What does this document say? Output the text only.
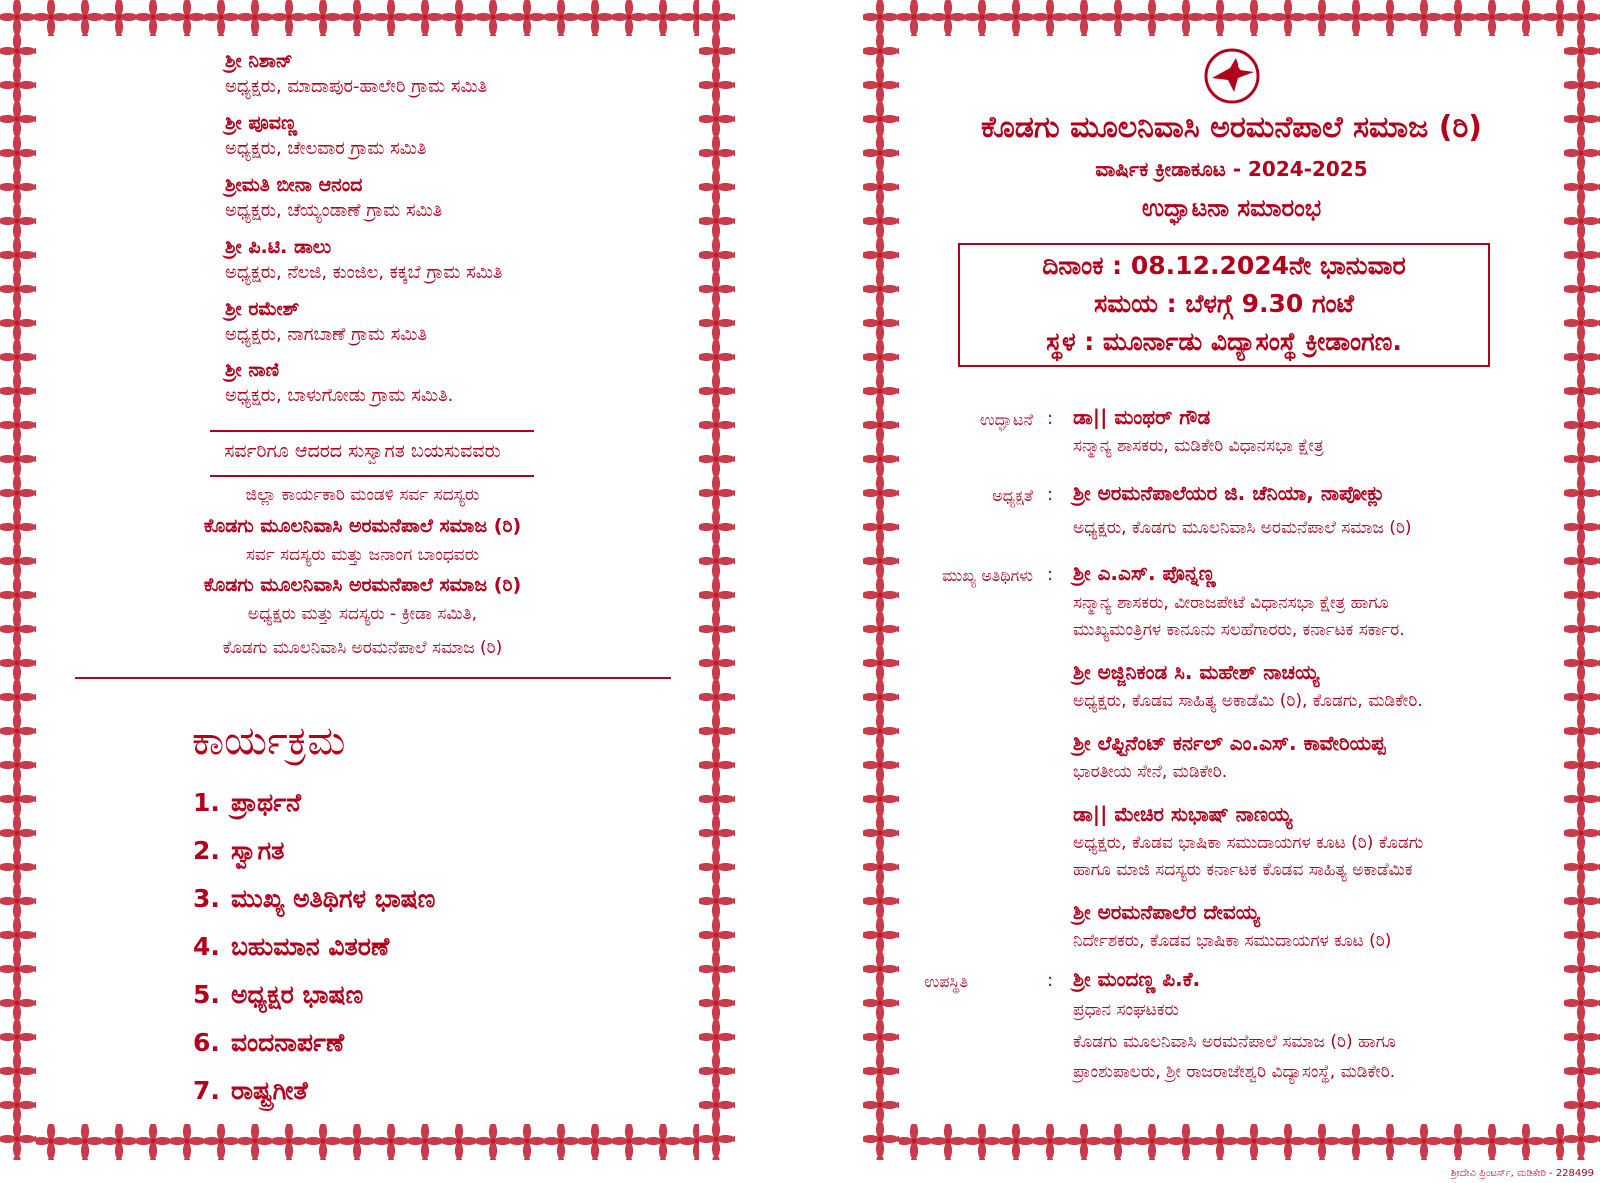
ಶ್ರೀ ನಿಶಾನ್
ಅಧ್ಯಕ್ಷರು, ಮಾದಾಪುರ-ಹಾಲೇರಿ ಗ್ರಾಮ ಸಮಿತಿ
ಶ್ರೀ ಪೂವಣ್ಣ
ಅಧ್ಯಕ್ಷರು, ಚೇಲವಾರ ಗ್ರಾಮ ಸಮಿತಿ
ಶ್ರೀಮತಿ ಬೀನಾ ಆನಂದ
ಅಧ್ಯಕ್ಷರು, ಚೆಯ್ಯಂಡಾಣೆ ಗ್ರಾಮ ಸಮಿತಿ
ಶ್ರೀ ಪಿ.ಟಿ. ಡಾಲು
ಅಧ್ಯಕ್ಷರು, ನೆಲಜಿ, ಕುಂಜಿಲ, ಕಕ್ಕಬೆ ಗ್ರಾಮ ಸಮಿತಿ
ಶ್ರೀ ರಮೇಶ್
ಅಧ್ಯಕ್ಷರು, ನಾಗಬಾಣೆ ಗ್ರಾಮ ಸಮಿತಿ
ಶ್ರೀ ನಾಣಿ
ಅಧ್ಯಕ್ಷರು, ಬಾಳುಗೋಡು ಗ್ರಾಮ ಸಮಿತಿ.
ಸರ್ವರಿಗೂ ಆದರದ ಸುಸ್ವಾಗತ ಬಯಸುವವರು
ಜಿಲ್ಲಾ ಕಾರ್ಯಕಾರಿ ಮಂಡಳಿ ಸರ್ವ ಸದಸ್ಯರು
ಕೊಡಗು ಮೂಲನಿವಾಸಿ ಅರಮನೆಪಾಲೆ ಸಮಾಜ (ರಿ)
ಸರ್ವ ಸದಸ್ಯರು ಮತ್ತು ಜನಾಂಗ ಬಾಂಧವರು
ಕೊಡಗು ಮೂಲನಿವಾಸಿ ಅರಮನೆಪಾಲೆ ಸಮಾಜ (ರಿ)
ಅಧ್ಯಕ್ಷರು ಮತ್ತು ಸದಸ್ಯರು - ಕ್ರೀಡಾ ಸಮಿತಿ,
ಕೊಡಗು ಮೂಲನಿವಾಸಿ ಅರಮನೆಪಾಲೆ ಸಮಾಜ (ರಿ)
ಕಾರ್ಯಕ್ರಮ
1. ಪ್ರಾರ್ಥನೆ
2. ಸ್ವಾಗತ
3. ಮುಖ್ಯ ಅತಿಥಿಗಳ ಭಾಷಣ
4. ಬಹುಮಾನ ವಿತರಣೆ
5. ಅಧ್ಯಕ್ಷರ ಭಾಷಣ
6. ವಂದನಾರ್ಪಣೆ
7. ರಾಷ್ಟ್ರಗೀತೆ
ಕೊಡಗು ಮೂಲನಿವಾಸಿ ಅರಮನೆಪಾಲೆ ಸಮಾಜ (ರಿ)
ವಾರ್ಷಿಕ ಕ್ರೀಡಾಕೂಟ - 2024-2025
ಉದ್ಘಾಟನಾ ಸಮಾರಂಭ
ದಿನಾಂಕ : 08.12.2024ನೇ ಭಾನುವಾರ
ಸಮಯ : ಬೆಳಗ್ಗೆ 9.30 ಗಂಟೆ
ಸ್ಥಳ : ಮೂರ್ನಾಡು ವಿದ್ಯಾಸಂಸ್ಥೆ ಕ್ರೀಡಾಂಗಣ.
ಉದ್ಘಾಟನೆ : ಡಾ|| ಮಂಥರ್ ಗೌಡ
ಸನ್ಮಾನ್ಯ ಶಾಸಕರು, ಮಡಿಕೇರಿ ವಿಧಾನಸಭಾ ಕ್ಷೇತ್ರ
ಅಧ್ಯಕ್ಷತೆ : ಶ್ರೀ ಅರಮನೆಪಾಲೆಯರ ಜಿ. ಚೆನಿಯಾ, ನಾಪೋಕ್ಲು
ಅಧ್ಯಕ್ಷರು, ಕೊಡಗು ಮೂಲನಿವಾಸಿ ಅರಮನೆಪಾಲೆ ಸಮಾಜ (ರಿ)
ಮುಖ್ಯ ಅತಿಥಿಗಳು : ಶ್ರೀ ಎ.ಎಸ್. ಪೊನ್ನಣ್ಣ
ಸನ್ಮಾನ್ಯ ಶಾಸಕರು, ವೀರಾಜಪೇಟೆ ವಿಧಾನಸಭಾ ಕ್ಷೇತ್ರ ಹಾಗೂ
ಮುಖ್ಯಮಂತ್ರಿಗಳ ಕಾನೂನು ಸಲಹೆಗಾರರು, ಕರ್ನಾಟಕ ಸರ್ಕಾರ.
ಶ್ರೀ ಅಜ್ಜಿನಿಕಂಡ ಸಿ. ಮಹೇಶ್ ನಾಚಯ್ಯ
ಅಧ್ಯಕ್ಷರು, ಕೊಡವ ಸಾಹಿತ್ಯ ಅಕಾಡೆಮಿ (ರಿ), ಕೊಡಗು, ಮಡಿಕೇರಿ.
ಶ್ರೀ ಲೆಫ್ಟಿನೆಂಟ್ ಕರ್ನಲ್ ಎಂ.ಎಸ್. ಕಾವೇರಿಯಪ್ಪ
ಭಾರತೀಯ ಸೇನೆ, ಮಡಿಕೇರಿ.
ಡಾ|| ಮೇಚಿರ ಸುಭಾಷ್ ನಾಣಯ್ಯ
ಅಧ್ಯಕ್ಷರು, ಕೊಡವ ಭಾಷಿಕಾ ಸಮುದಾಯಗಳ ಕೂಟ (ರಿ) ಕೊಡಗು
ಹಾಗೂ ಮಾಜಿ ಸದಸ್ಯರು ಕರ್ನಾಟಕ ಕೊಡವ ಸಾಹಿತ್ಯ ಅಕಾಡೆಮಿಕ
ಶ್ರೀ ಅರಮನೆಪಾಲೆರ ದೇವಯ್ಯ
ನಿರ್ದೇಶಕರು, ಕೊಡವ ಭಾಷಿಕಾ ಸಮುದಾಯಗಳ ಕೂಟ (ರಿ)
ಉಪಸ್ಥಿತಿ	: ಶ್ರೀ ಮಂದಣ್ಣ ಪಿ.ಕೆ.
ಪ್ರಧಾನ ಸಂಘಟಕರು
ಕೊಡಗು ಮೂಲನಿವಾಸಿ ಅರಮನೆಪಾಲೆ ಸಮಾಜ (ರಿ) ಹಾಗೂ
ಪ್ರಾಂಶುಪಾಲರು, ಶ್ರೀ ರಾಜರಾಜೇಶ್ವರಿ ವಿದ್ಯಾಸಂಸ್ಥೆ, ಮಡಿಕೇರಿ.
ಶ್ರೀದೇವಿ ಪ್ರಿಂಟರ್ಸ್, ಮಡಿಕೇರಿ - 228499
